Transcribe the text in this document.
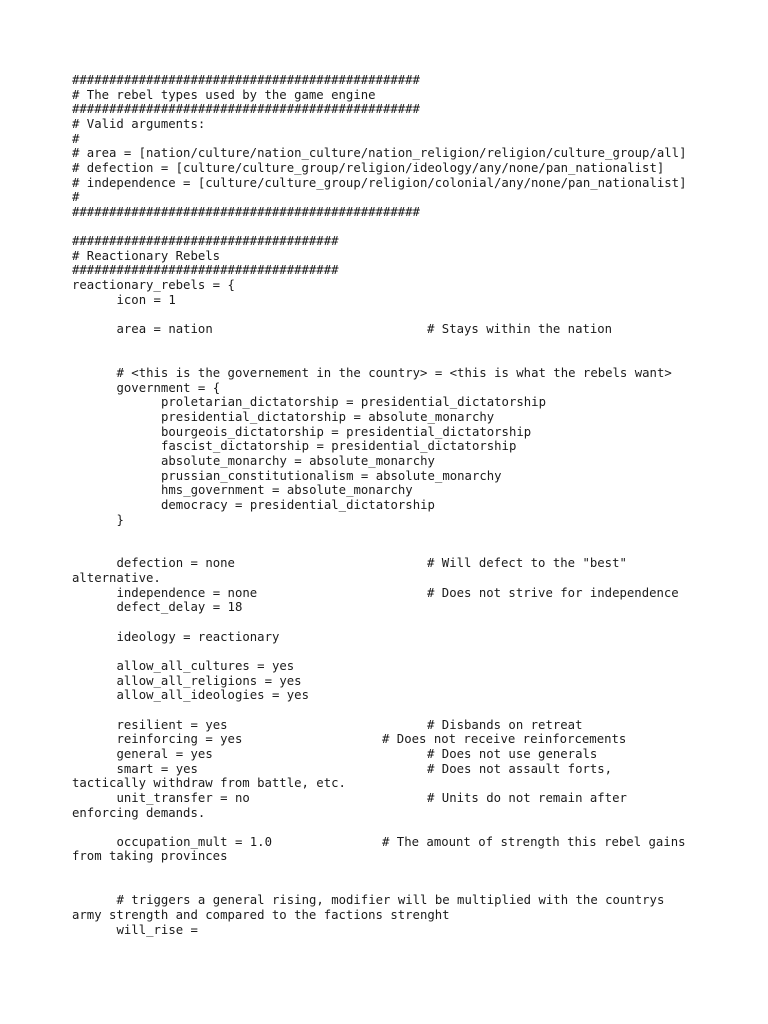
###############################################
# The rebel types used by the game engine
###############################################
# Valid arguments:
#
# area = [nation/culture/nation_culture/nation_religion/religion/culture_group/all]
# defection = [culture/culture_group/religion/ideology/any/none/pan_nationalist]
# independence = [culture/culture_group/religion/colonial/any/none/pan_nationalist]
#
###############################################
####################################
# Reactionary Rebels
####################################
reactionary_rebels = {
icon = 1
area = nation	# Stays within the nation
# <this is the governement in the country> = <this is what the rebels want>
government = {
proletarian_dictatorship = presidential_dictatorship
presidential_dictatorship = absolute_monarchy
bourgeois_dictatorship = presidential_dictatorship
fascist_dictatorship = presidential_dictatorship
absolute_monarchy = absolute_monarchy
prussian_constitutionalism = absolute_monarchy
hms_government = absolute_monarchy
democracy = presidential_dictatorship
}
defection = none	# Will defect to the "best"
alternative.
independence = none	# Does not strive for independence
defect_delay = 18
ideology = reactionary
allow_all_cultures = yes
allow_all_religions = yes
allow_all_ideologies = yes
resilient = yes	# Disbands on retreat
reinforcing = yes	# Does not receive reinforcements
general = yes	# Does not use generals
smart = yes	# Does not assault forts,
tactically withdraw from battle, etc.
unit_transfer = no	# Units do not remain after
enforcing demands.
occupation_mult = 1.0	# The amount of strength this rebel gains
from taking provinces
# triggers a general rising, modifier will be multiplied with the countrys
army strength and compared to the factions strenght
will_rise =
